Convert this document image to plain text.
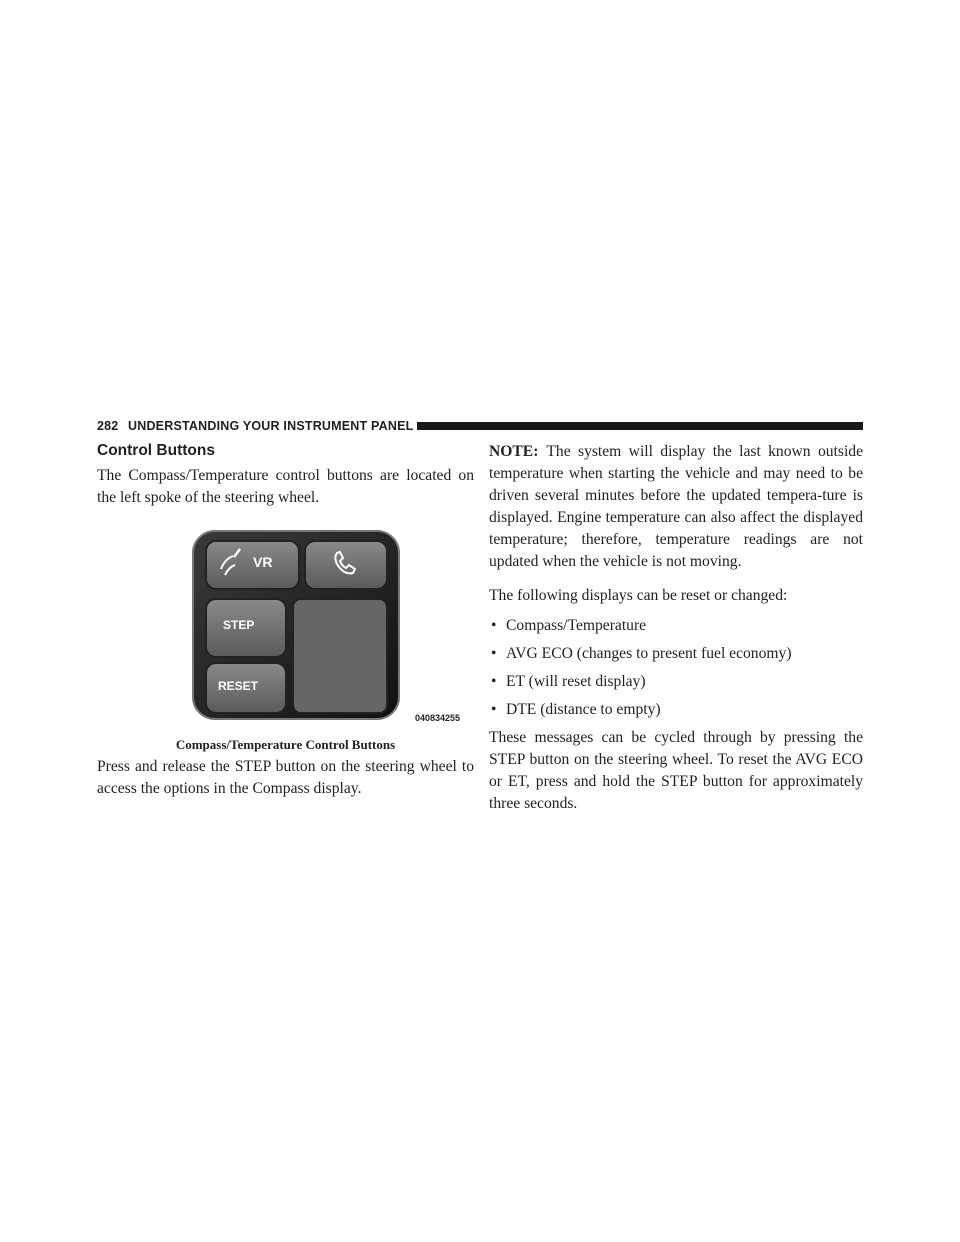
282 UNDERSTANDING YOUR INSTRUMENT PANEL
Control Buttons

The Compass/Temperature control buttons are located on the left spoke of the steering wheel.

VR
STEP
RESET
040834255
Compass/Temperature Control Buttons

Press and release the STEP button on the steering wheel to access the options in the Compass display.

NOTE: The system will display the last known outside temperature when starting the vehicle and may need to be driven several minutes before the updated tempera-ture is displayed. Engine temperature can also affect the displayed temperature; therefore, temperature readings are not updated when the vehicle is not moving.

The following displays can be reset or changed:

• Compass/Temperature
• AVG ECO (changes to present fuel economy)
• ET (will reset display)
• DTE (distance to empty)

These messages can be cycled through by pressing the STEP button on the steering wheel. To reset the AVG ECO or ET, press and hold the STEP button for approximately three seconds.
